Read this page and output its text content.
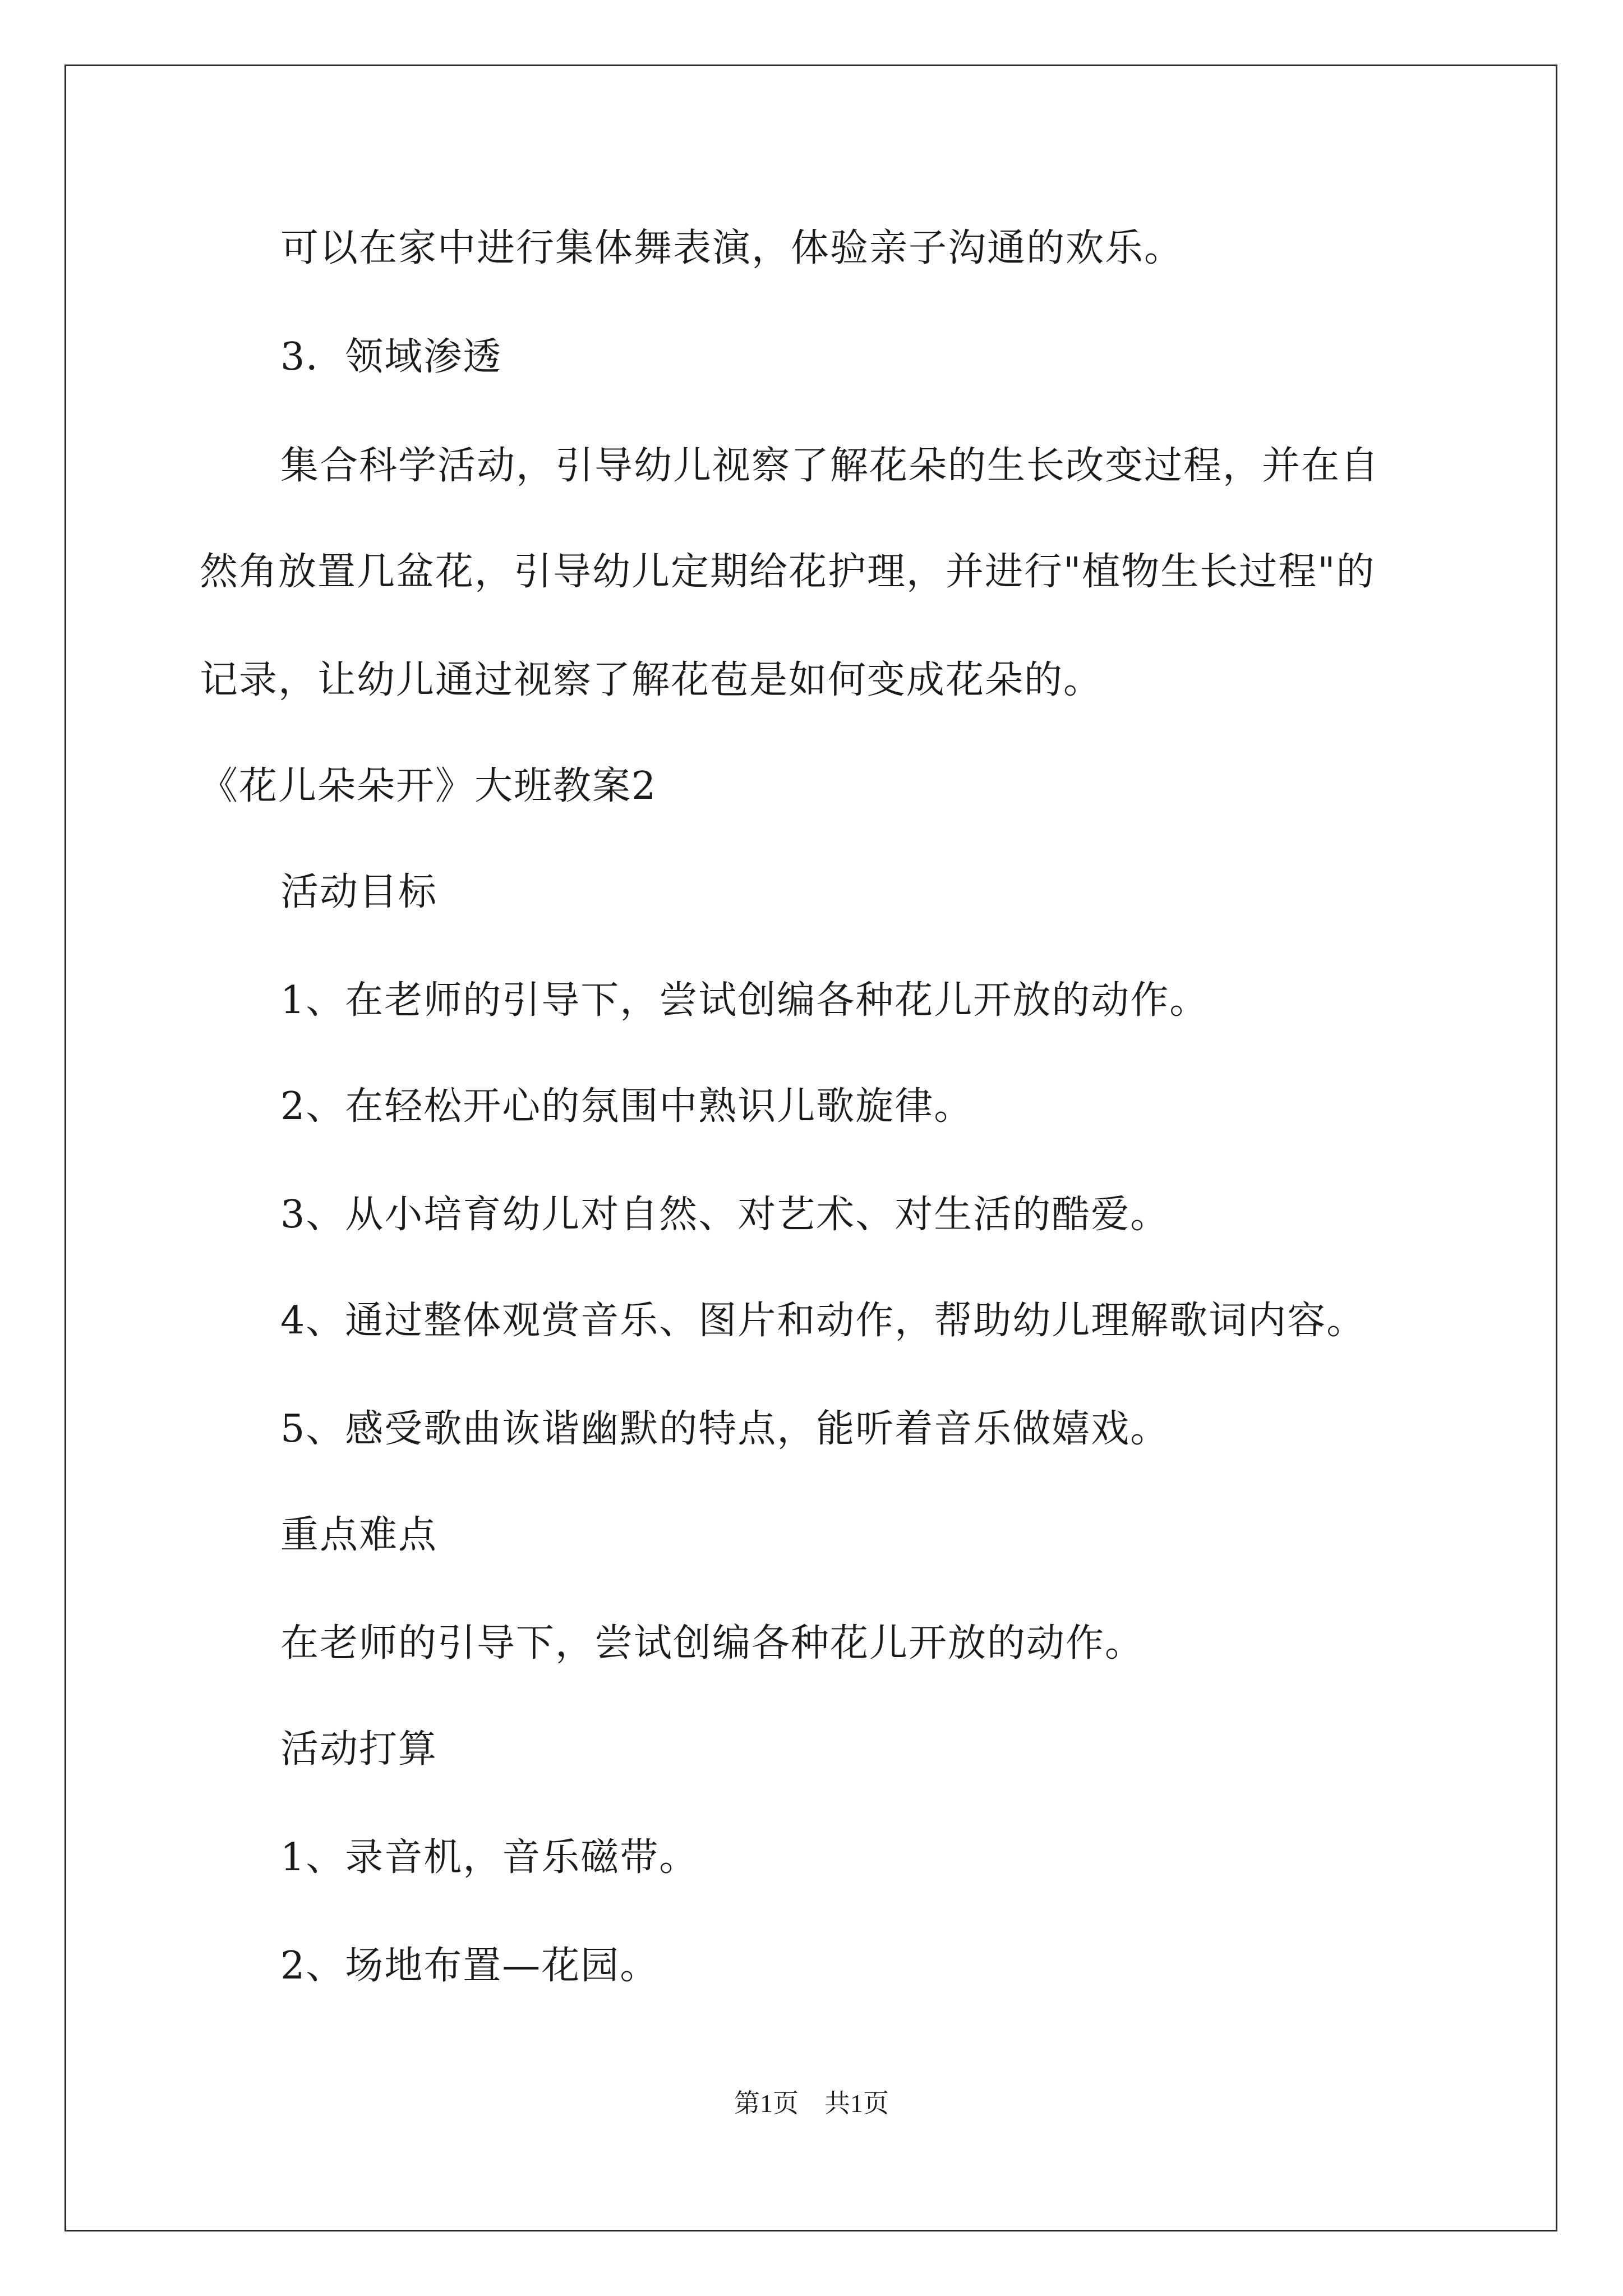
可以在家中进行集体舞表演，体验亲子沟通的欢乐。
3．领域渗透
集合科学活动，引导幼儿视察了解花朵的生长改变过程，并在自
然角放置几盆花，引导幼儿定期给花护理，并进行"植物生长过程"的
记录，让幼儿通过视察了解花苞是如何变成花朵的。
《花儿朵朵开》大班教案2
活动目标
1、在老师的引导下，尝试创编各种花儿开放的动作。
2、在轻松开心的氛围中熟识儿歌旋律。
3、从小培育幼儿对自然、对艺术、对生活的酷爱。
4、通过整体观赏音乐、图片和动作，帮助幼儿理解歌词内容。
5、感受歌曲诙谐幽默的特点，能听着音乐做嬉戏。
重点难点
在老师的引导下，尝试创编各种花儿开放的动作。
活动打算
1、录音机，音乐磁带。
2、场地布置—花园。
第1页　共1页
